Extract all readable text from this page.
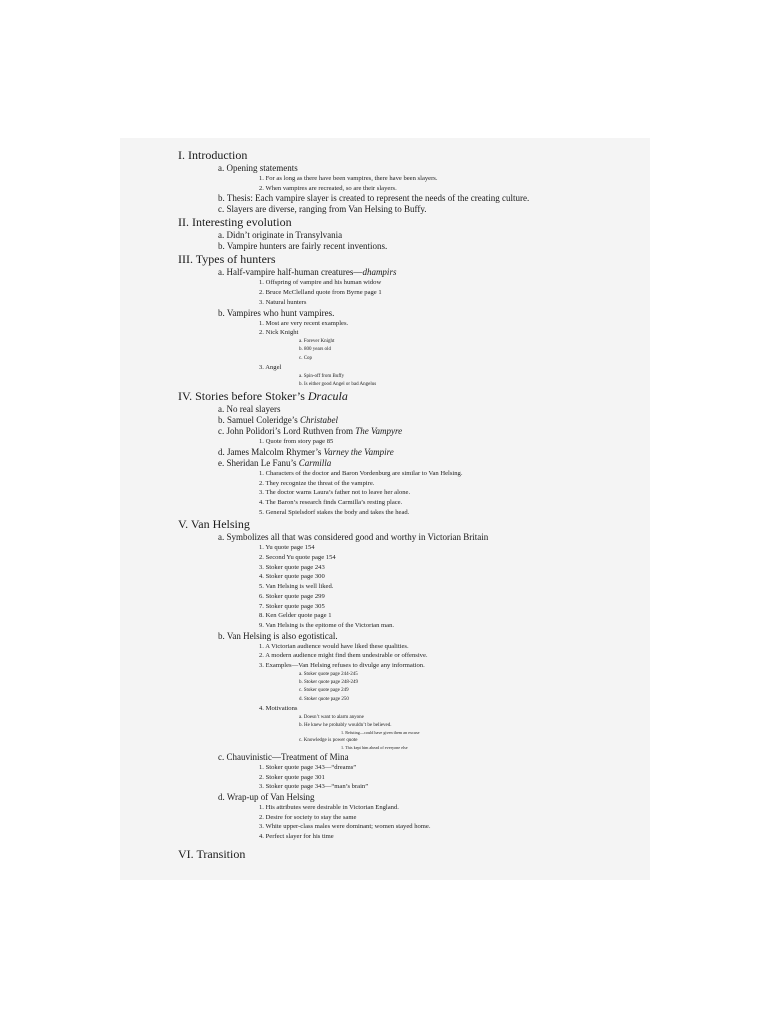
I. Introduction
a. Opening statements
1. For as long as there have been vampires, there have been slayers.
2. When vampires are recreated, so are their slayers.
b. Thesis: Each vampire slayer is created to represent the needs of the creating culture.
c. Slayers are diverse, ranging from Van Helsing to Buffy.
II. Interesting evolution
a. Didn’t originate in Transylvania
b. Vampire hunters are fairly recent inventions.
III. Types of hunters
a. Half-vampire half-human creatures—dhampirs
1. Offspring of vampire and his human widow
2. Bruce McClelland quote from Byrne page 1
3. Natural hunters
b. Vampires who hunt vampires.
1. Most are very recent examples.
2. Nick Knight
a. Forever Knight
b. 800 years old
c. Cop
3. Angel
a. Spin-off from Buffy
b. Is either good Angel or bad Angelus
IV. Stories before Stoker’s Dracula
a. No real slayers
b. Samuel Coleridge’s Christabel
c. John Polidori’s Lord Ruthven from The Vampyre
1. Quote from story page 85
d. James Malcolm Rhymer’s Varney the Vampire
e. Sheridan Le Fanu’s Carmilla
1. Characters of the doctor and Baron Vordenburg are similar to Van Helsing.
2. They recognize the threat of the vampire.
3. The doctor warns Laura’s father not to leave her alone.
4. The Baron’s research finds Carmilla’s resting place.
5. General Spielsdorf stakes the body and takes the head.
V. Van Helsing
a. Symbolizes all that was considered good and worthy in Victorian Britain
1. Yu quote page 154
2. Second Yu quote page 154
3. Stoker quote page 243
4. Stoker quote page 300
5. Van Helsing is well liked.
6. Stoker quote page 299
7. Stoker quote page 305
8. Ken Gelder quote page 1
9. Van Helsing is the epitome of the Victorian man.
b. Van Helsing is also egotistical.
1. A Victorian audience would have liked these qualities.
2. A modern audience might find them undesirable or offensive.
3. Examples—Van Helsing refuses to divulge any information.
a. Stoker quote page 244-245
b. Stoker quote page 248-249
c. Stoker quote page 249
d. Stoker quote page 250
4. Motivations
a. Doesn’t want to alarm anyone
b. He knew he probably wouldn’t be believed.
1. Refuting—could have given them an excuse
c. Knowledge is power quote
1. This kept him ahead of everyone else
c. Chauvinistic—Treatment of Mina
1. Stoker quote page 343—“dreams”
2. Stoker quote page 301
3. Stoker quote page 343—“man’s brain”
d. Wrap-up of Van Helsing
1. His attributes were desirable in Victorian England.
2. Desire for society to stay the same
3. White upper-class males were dominant; women stayed home.
4. Perfect slayer for his time
VI. Transition
